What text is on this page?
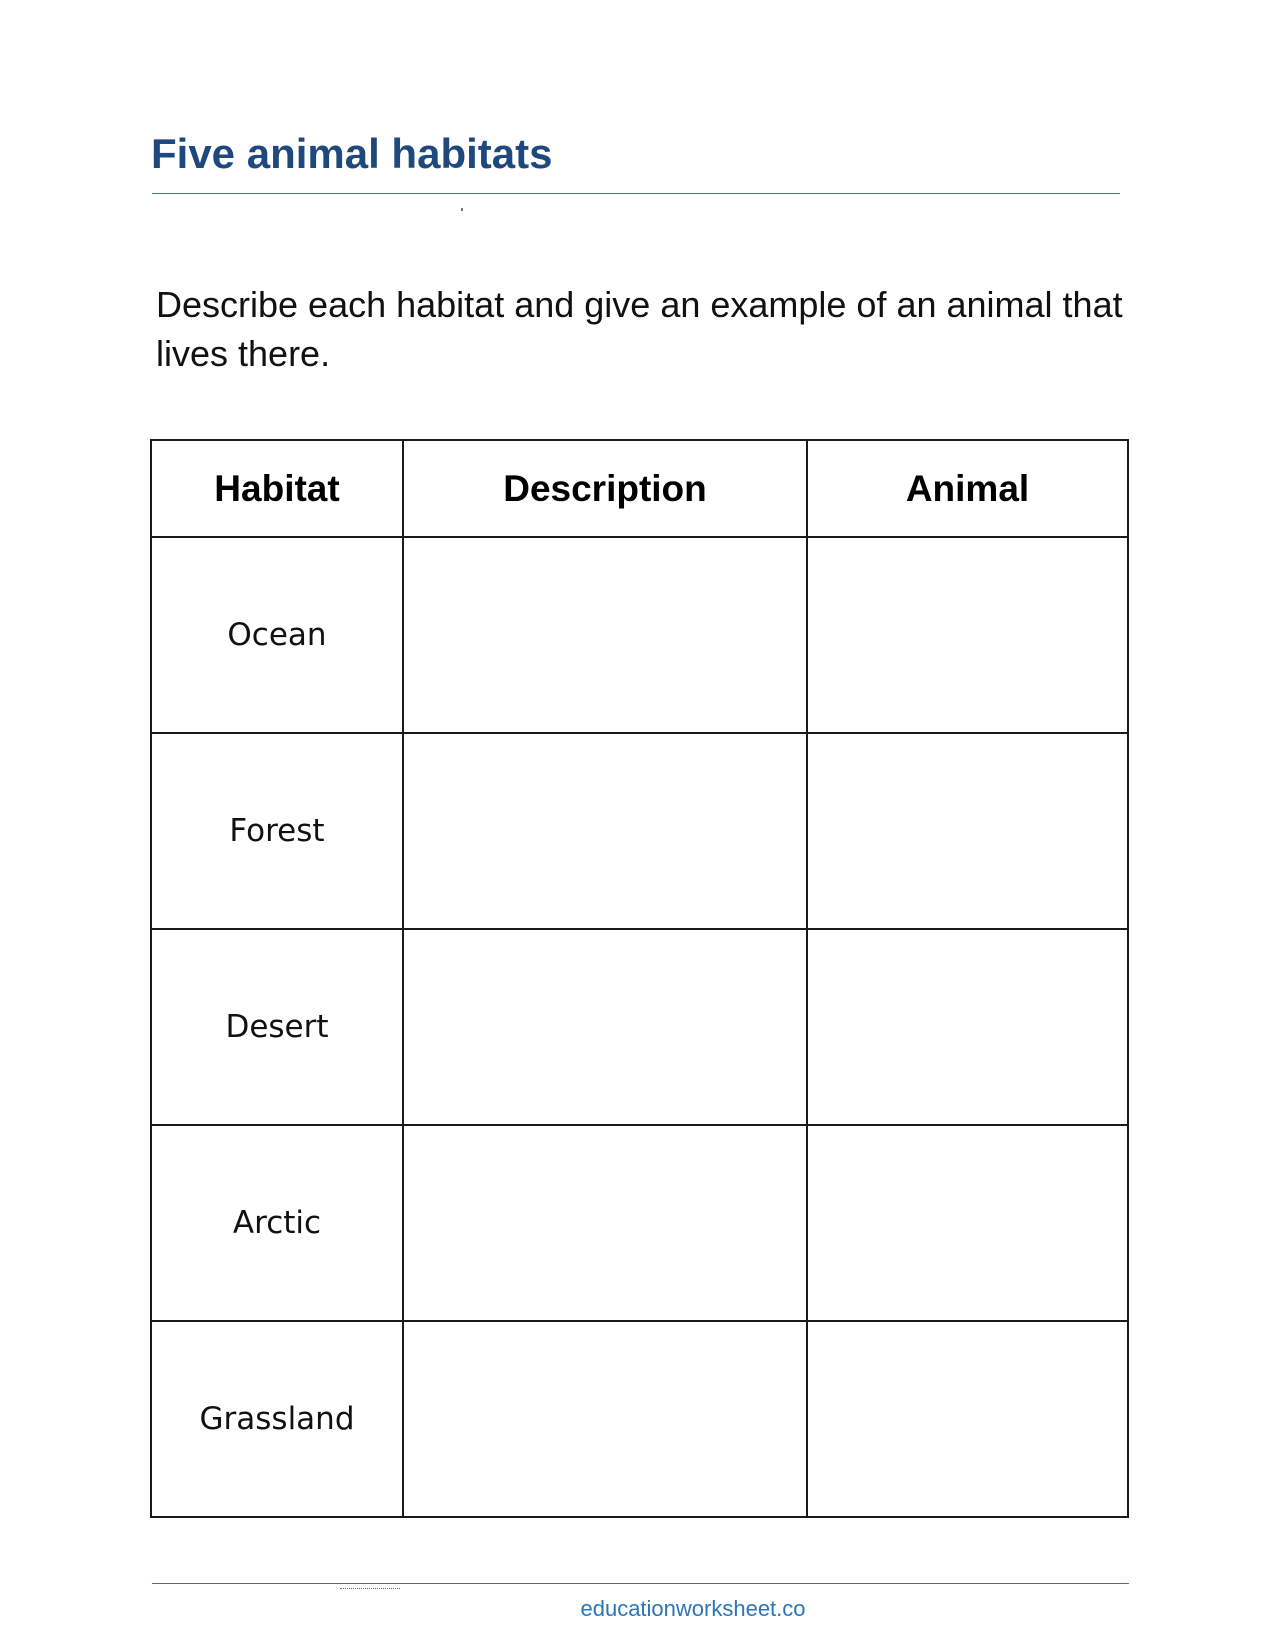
Five animal habitats

Describe each habitat and give an example of an animal that lives there.

Habitat	Description	Animal
Ocean		
Forest		
Desert		
Arctic		
Grassland		
educationworksheet.co
